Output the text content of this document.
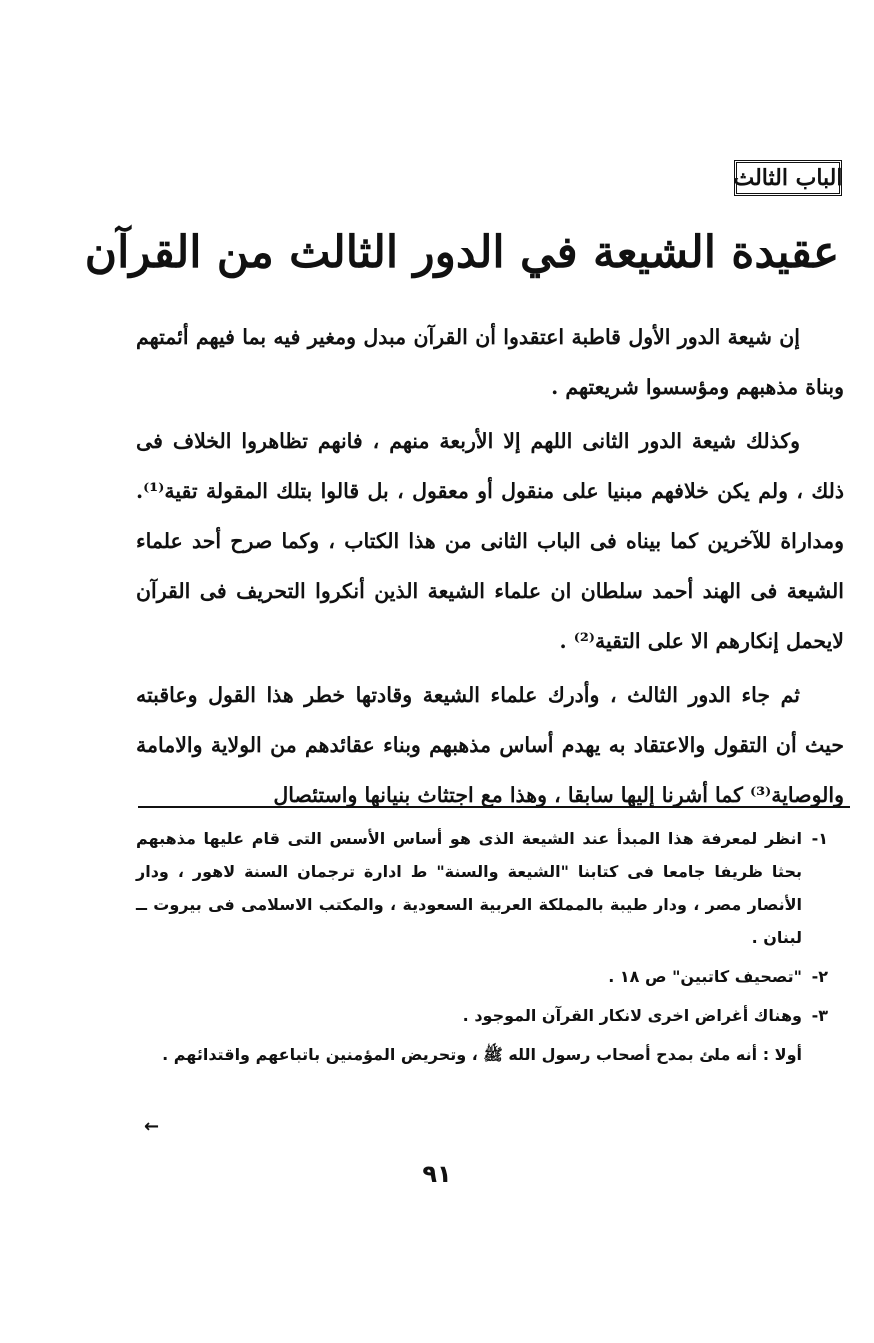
الباب الثالث
عقيدة الشيعة في الدور الثالث من القرآن

إن شيعة الدور الأول قاطبة اعتقدوا أن القرآن مبدل ومغير فيه بما فيهم أئمتهم وبناة مذهبهم ومؤسسوا شريعتهم .

وكذلك شيعة الدور الثانى اللهم إلا الأربعة منهم ، فانهم تظاهروا الخلاف فى ذلك ، ولم يكن خلافهم مبنيا على منقول أو معقول ، بل قالوا بتلك المقولة تقية⁽¹⁾. ومداراة للآخرين كما بيناه فى الباب الثانى من هذا الكتاب ، وكما صرح أحد علماء الشيعة فى الهند أحمد سلطان ان علماء الشيعة الذين أنكروا التحريف فى القرآن لايحمل إنكارهم الا على التقية⁽²⁾ .

ثم جاء الدور الثالث ، وأدرك علماء الشيعة وقادتها خطر هذا القول وعاقبته حيث أن التقول والاعتقاد به يهدم أساس مذهبهم وبناء عقائدهم من الولاية والامامة والوصاية⁽³⁾ كما أشرنا إليها سابقا ، وهذا مع اجتثاث بنيانها واستئصال

١-
انظر لمعرفة هذا المبدأ عند الشيعة الذى هو أساس الأسس التى قام عليها مذهبهم بحثا ظريفا جامعا فى كتابنا "الشيعة والسنة" ط ادارة ترجمان السنة لاهور ، ودار الأنصار مصر ، ودار طيبة بالمملكة العربية السعودية ، والمكتب الاسلامى فى بيروت ــ لبنان .
٢-
"تصحيف كاتبين" ص ١٨ .
٣-
وهناك أغراض اخرى لانكار القرآن الموجود .
أولا : أنه ملئ بمدح أصحاب رسول الله ﷺ ، وتحريض المؤمنين باتباعهم واقتدائهم .
←
٩١
